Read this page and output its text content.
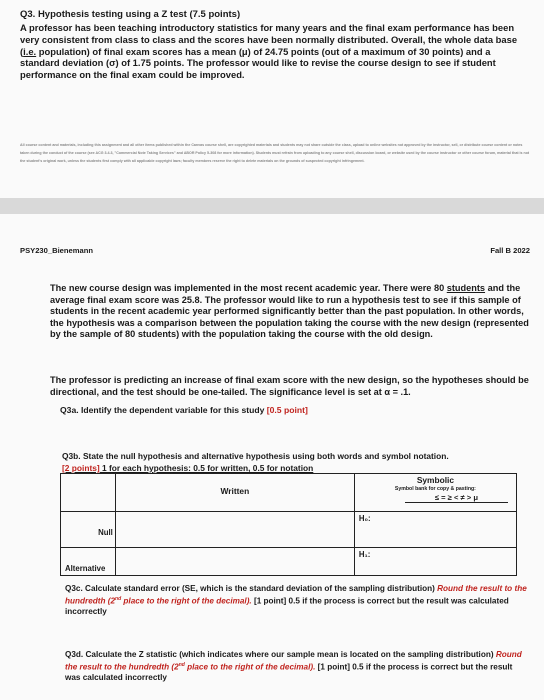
Q3. Hypothesis testing using a Z test (7.5 points)
A professor has been teaching introductory statistics for many years and the final exam performance has been very consistent from class to class and the scores have been normally distributed. Overall, the whole data base (i.e. population) of final exam scores has a mean (μ) of 24.75 points (out of a maximum of 30 points) and a standard deviation (σ) of 1.75 points. The professor would like to revise the course design to see if student performance on the final exam could be improved.
All course content and materials, including this assignment and all other items published within the Canvas course shell, are copyrighted materials and students may not share outside the class, upload to online websites not approved by the instructor, sell, or distribute course content or notes taken during the conduct of the course (see ACG 3.4.3, "Commercial Note Taking Services" and ABOR Policy 5-308 for more information). Students must refrain from uploading to any course shell, discussion board, or website used by the course instructor or other course forum, material that is not the student's original work, unless the students first comply with all applicable copyright laws; faculty members reserve the right to delete materials on the grounds of suspected copyright infringement.
PSY230_Bienemann	Fall B 2022
The new course design was implemented in the most recent academic year. There were 80 students and the average final exam score was 25.8. The professor would like to run a hypothesis test to see if this sample of students in the recent academic year performed significantly better than the past population. In other words, the hypothesis was a comparison between the population taking the course with the new design (represented by the sample of 80 students) with the population taking the course with the old design.
The professor is predicting an increase of final exam score with the new design, so the hypotheses should be directional, and the test should be one-tailed. The significance level is set at α = .1.
Q3a. Identify the dependent variable for this study [0.5 point]
Q3b. State the null hypothesis and alternative hypothesis using both words and symbol notation.
[2 points] 1 for each hypothesis: 0.5 for written, 0.5 for notation

	Written	Symbolic
Symbol bank for copy & pasting:
≤ = ≥ < ≠ > μ

Null		H₀:

Alternative		H₁:
Q3c. Calculate standard error (SE, which is the standard deviation of the sampling distribution) Round the result to the hundredth (2nd place to the right of the decimal). [1 point] 0.5 if the process is correct but the result was calculated incorrectly
Q3d. Calculate the Z statistic (which indicates where our sample mean is located on the sampling distribution) Round the result to the hundredth (2nd place to the right of the decimal). [1 point] 0.5 if the process is correct but the result was calculated incorrectly
